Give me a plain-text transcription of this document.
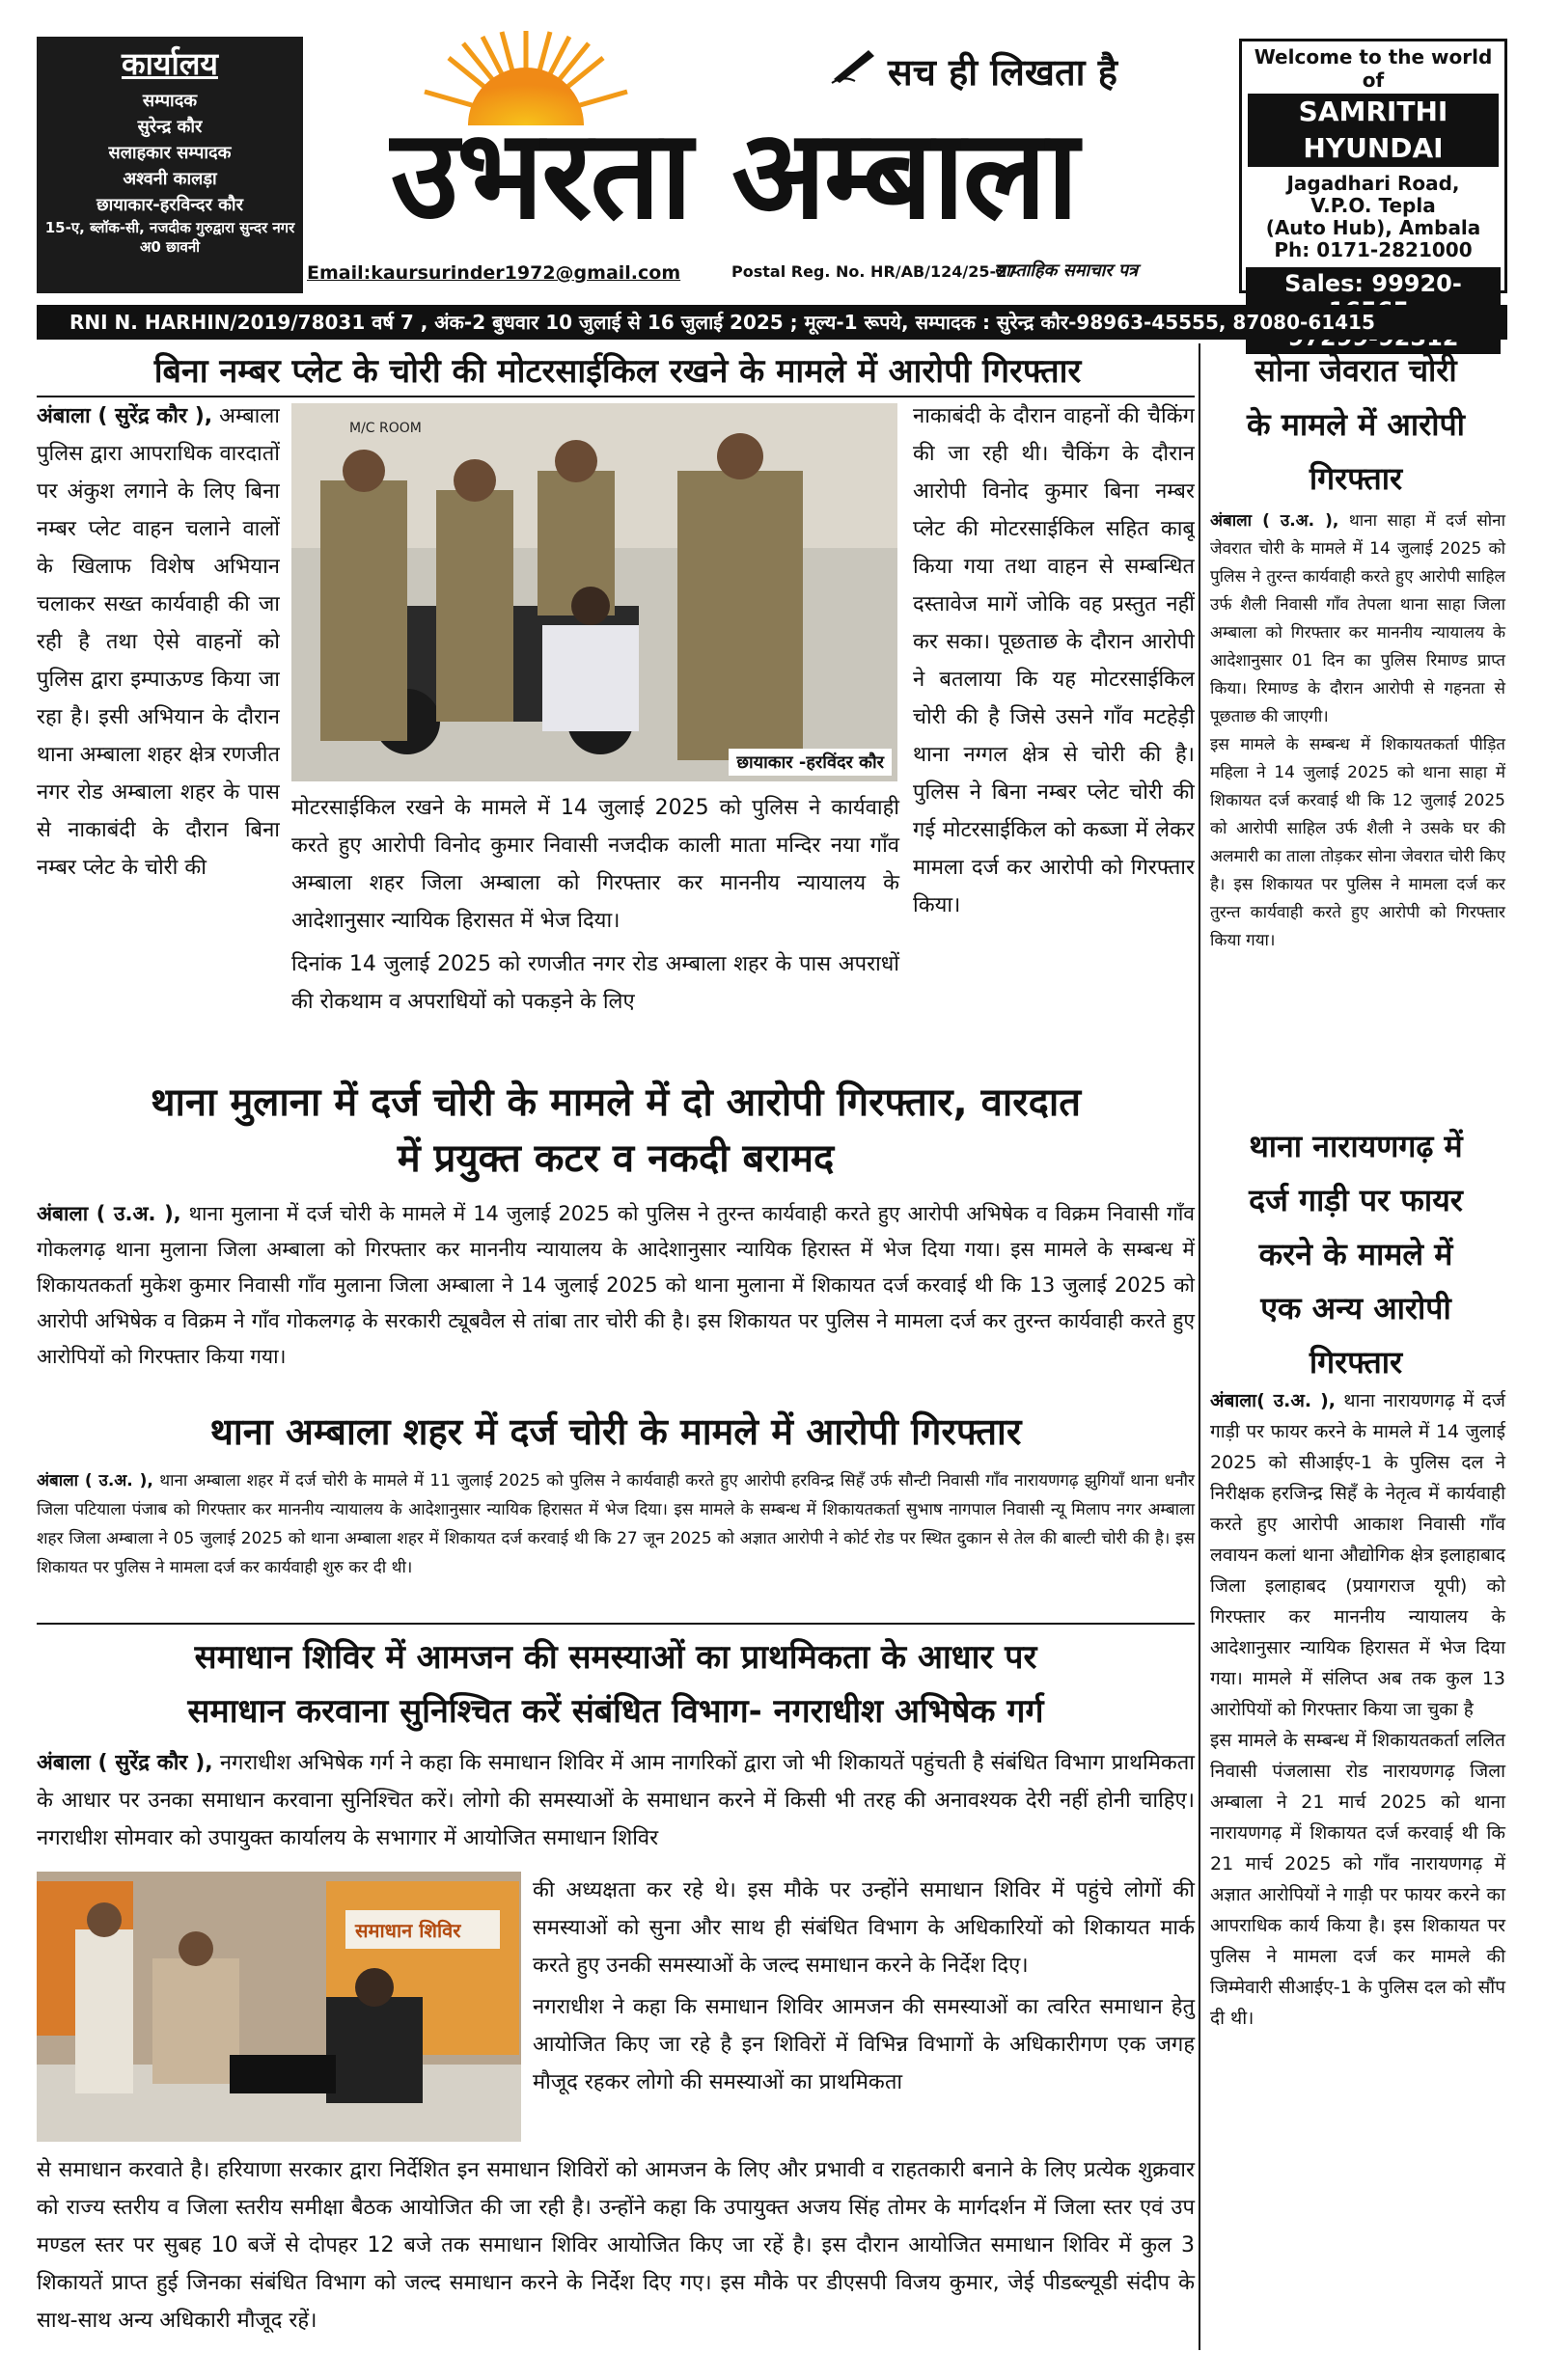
कार्यालय
सम्पादक
सुरेन्द्र कौर
सलाहकार सम्पादक
अश्वनी कालड़ा
छायाकार-हरविन्दर कौर
15-ए, ब्लॉक-सी, नजदीक गुरुद्वारा सुन्दर नगर अ0 छावनी
सच ही लिखता है
उभरता अम्बाला
Email:kaursurinder1972@gmail.com	Postal Reg. No. HR/AB/124/25-27
साप्ताहिक समाचार पत्र
Welcome to the world of
SAMRITHI HYUNDAI
Jagadhari Road,
V.P.O. Tepla
(Auto Hub), Ambala
Ph: 0171-2821000
Sales: 99920-
RNI N. HARHIN/2019/78031 वर्ष 7 , अंक-2 बुधवार 10 जुलाई से 16 जुलाई 2025 ; मूल्य-1 रूपये, सम्पादक : सुरेन्द्र कौर-98963-45555, 87080-61415
बिना नम्बर प्लेट के चोरी की मोटरसाईकिल रखने के मामले में आरोपी गिरफ्तार
अंबाला ( सुरेंद्र कौर ), अम्बाला पुलिस द्वारा आपराधिक वारदातों पर अंकुश लगाने के लिए बिना नम्बर प्लेट वाहन चलाने वालों के खिलाफ विशेष अभियान चलाकर सख्त कार्यवाही की जा रही है तथा ऐसे वाहनों को पुलिस द्वारा इम्पाऊण्ड किया जा रहा है। इसी अभियान के दौरान थाना अम्बाला शहर क्षेत्र रणजीत नगर रोड अम्बाला शहर के पास से नाकाबंदी के दौरान बिना नम्बर प्लेट के चोरी की
M/C ROOM
छायाकार -हरविंदर कौर
मोटरसाईकिल रखने के मामले में 14 जुलाई 2025 को पुलिस ने कार्यवाही करते हुए आरोपी विनोद कुमार निवासी नजदीक काली माता मन्दिर नया गाँव अम्बाला शहर जिला अम्बाला को गिरफ्तार कर माननीय न्यायालय के आदेशानुसार न्यायिक हिरासत में भेज दिया।
दिनांक 14 जुलाई 2025 को रणजीत नगर रोड अम्बाला शहर के पास अपराधों की रोकथाम व अपराधियों को पकड़ने के लिए
नाकाबंदी के दौरान वाहनों की चैकिंग की जा रही थी। चैकिंग के दौरान आरोपी विनोद कुमार बिना नम्बर प्लेट की मोटरसाईकिल सहित काबू किया गया तथा वाहन से सम्बन्धित दस्तावेज मागें जोकि वह प्रस्तुत नहीं कर सका। पूछताछ के दौरान आरोपी ने बतलाया कि यह मोटरसाईकिल चोरी की है जिसे उसने गाँव मटहेड़ी थाना नग्गल क्षेत्र से चोरी की है। पुलिस ने बिना नम्बर प्लेट चोरी की गई मोटरसाईकिल को कब्जा में लेकर मामला दर्ज कर आरोपी को गिरफ्तार किया।
थाना मुलाना में दर्ज चोरी के मामले में दो आरोपी गिरफ्तार, वारदात
में प्रयुक्त कटर व नकदी बरामद
अंबाला ( उ.अ. ), थाना मुलाना में दर्ज चोरी के मामले में 14 जुलाई 2025 को पुलिस ने तुरन्त कार्यवाही करते हुए आरोपी अभिषेक व विक्रम निवासी गाँव गोकलगढ़ थाना मुलाना जिला अम्बाला को गिरफ्तार कर माननीय न्यायालय के आदेशानुसार न्यायिक हिरास्त में भेज दिया गया। इस मामले के सम्बन्ध में शिकायतकर्ता मुकेश कुमार निवासी गाँव मुलाना जिला अम्बाला ने 14 जुलाई 2025 को थाना मुलाना में शिकायत दर्ज करवाई थी कि 13 जुलाई 2025 को आरोपी अभिषेक व विक्रम ने गाँव गोकलगढ़ के सरकारी ट्यूबवैल से तांबा तार चोरी की है। इस शिकायत पर पुलिस ने मामला दर्ज कर तुरन्त कार्यवाही करते हुए आरोपियों को गिरफ्तार किया गया।
थाना अम्बाला शहर में दर्ज चोरी के मामले में आरोपी गिरफ्तार
अंबाला ( उ.अ. ), थाना अम्बाला शहर में दर्ज चोरी के मामले में 11 जुलाई 2025 को पुलिस ने कार्यवाही करते हुए आरोपी हरविन्द्र सिहँ उर्फ सौन्टी निवासी गाँव नारायणगढ़ झुगियाँ थाना धनौर जिला पटियाला पंजाब को गिरफ्तार कर माननीय न्यायालय के आदेशानुसार न्यायिक हिरासत में भेज दिया। इस मामले के सम्बन्ध में शिकायतकर्ता सुभाष नागपाल निवासी न्यू मिलाप नगर अम्बाला शहर जिला अम्बाला ने 05 जुलाई 2025 को थाना अम्बाला शहर में शिकायत दर्ज करवाई थी कि 27 जून 2025 को अज्ञात आरोपी ने कोर्ट रोड पर स्थित दुकान से तेल की बाल्टी चोरी की है। इस शिकायत पर पुलिस ने मामला दर्ज कर कार्यवाही शुरु कर दी थी।
समाधान शिविर में आमजन की समस्याओं का प्राथमिकता के आधार पर
समाधान करवाना सुनिश्चित करें संबंधित विभाग- नगराधीश अभिषेक गर्ग
अंबाला ( सुरेंद्र कौर ), नगराधीश अभिषेक गर्ग ने कहा कि समाधान शिविर में आम नागरिकों द्वारा जो भी शिकायतें पहुंचती है संबंधित विभाग प्राथमिकता के आधार पर उनका समाधान करवाना सुनिश्चित करें। लोगो की समस्याओं के समाधान करने में किसी भी तरह की अनावश्यक देरी नहीं होनी चाहिए। नगराधीश सोमवार को उपायुक्त कार्यालय के सभागार में आयोजित समाधान शिविर
समाधान शिविर
की अध्यक्षता कर रहे थे। इस मौके पर उन्होंने समाधान शिविर में पहुंचे लोगों की समस्याओं को सुना और साथ ही संबंधित विभाग के अधिकारियों को शिकायत मार्क करते हुए उनकी समस्याओं के जल्द समाधान करने के निर्देश दिए।
नगराधीश ने कहा कि समाधान शिविर आमजन की समस्याओं का त्वरित समाधान हेतु आयोजित किए जा रहे है इन शिविरों में विभिन्न विभागों के अधिकारीगण एक जगह मौजूद रहकर लोगो की समस्याओं का प्राथमिकता
से समाधान करवाते है। हरियाणा सरकार द्वारा निर्देशित इन समाधान शिविरों को आमजन के लिए और प्रभावी व राहतकारी बनाने के लिए प्रत्येक शुक्रवार को राज्य स्तरीय व जिला स्तरीय समीक्षा बैठक आयोजित की जा रही है। उन्होंने कहा कि उपायुक्त अजय सिंह तोमर के मार्गदर्शन में जिला स्तर एवं उप मण्डल स्तर पर सुबह 10 बजें से दोपहर 12 बजे तक समाधान शिविर आयोजित किए जा रहें है। इस दौरान आयोजित समाधान शिविर में कुल 3 शिकायतें प्राप्त हुई जिनका संबंधित विभाग को जल्द समाधान करने के निर्देश दिए गए। इस मौके पर डीएसपी विजय कुमार, जेई पीडब्ल्यूडी संदीप के साथ-साथ अन्य अधिकारी मौजूद रहें।
सोना जेवरात चोरी
के मामले में आरोपी
गिरफ्तार
अंबाला ( उ.अ. ), थाना साहा में दर्ज सोना जेवरात चोरी के मामले में 14 जुलाई 2025 को पुलिस ने तुरन्त कार्यवाही करते हुए आरोपी साहिल उर्फ शैली निवासी गाँव तेपला थाना साहा जिला अम्बाला को गिरफ्तार कर माननीय न्यायालय के आदेशानुसार 01 दिन का पुलिस रिमाण्ड प्राप्त किया। रिमाण्ड के दौरान आरोपी से गहनता से पूछताछ की जाएगी।
इस मामले के सम्बन्ध में शिकायतकर्ता पीड़ित महिला ने 14 जुलाई 2025 को थाना साहा में शिकायत दर्ज करवाई थी कि 12 जुलाई 2025 को आरोपी साहिल उर्फ शैली ने उसके घर की अलमारी का ताला तोड़कर सोना जेवरात चोरी किए है। इस शिकायत पर पुलिस ने मामला दर्ज कर तुरन्त कार्यवाही करते हुए आरोपी को गिरफ्तार किया गया।
थाना नारायणगढ़ में
दर्ज गाड़ी पर फायर
करने के मामले में
एक अन्य आरोपी
गिरफ्तार
अंबाला( उ.अ. ), थाना नारायणगढ़ में दर्ज गाड़ी पर फायर करने के मामले में 14 जुलाई 2025 को सीआईए-1 के पुलिस दल ने निरीक्षक हरजिन्द्र सिहँ के नेतृत्व में कार्यवाही करते हुए आरोपी आकाश निवासी गाँव लवायन कलां थाना औद्योगिक क्षेत्र इलाहाबाद जिला इलाहाबद (प्रयागराज यूपी) को गिरफ्तार कर माननीय न्यायालय के आदेशानुसार न्यायिक हिरासत में भेज दिया गया। मामले में संलिप्त अब तक कुल 13 आरोपियों को गिरफ्तार किया जा चुका है
इस मामले के सम्बन्ध में शिकायतकर्ता ललित निवासी पंजलासा रोड नारायणगढ़ जिला अम्बाला ने 21 मार्च 2025 को थाना नारायणगढ़ में शिकायत दर्ज करवाई थी कि 21 मार्च 2025 को गाँव नारायणगढ़ में अज्ञात आरोपियों ने गाड़ी पर फायर करने का आपराधिक कार्य किया है। इस शिकायत पर पुलिस ने मामला दर्ज कर मामले की जिम्मेवारी सीआईए-1 के पुलिस दल को सौंप दी थी।
